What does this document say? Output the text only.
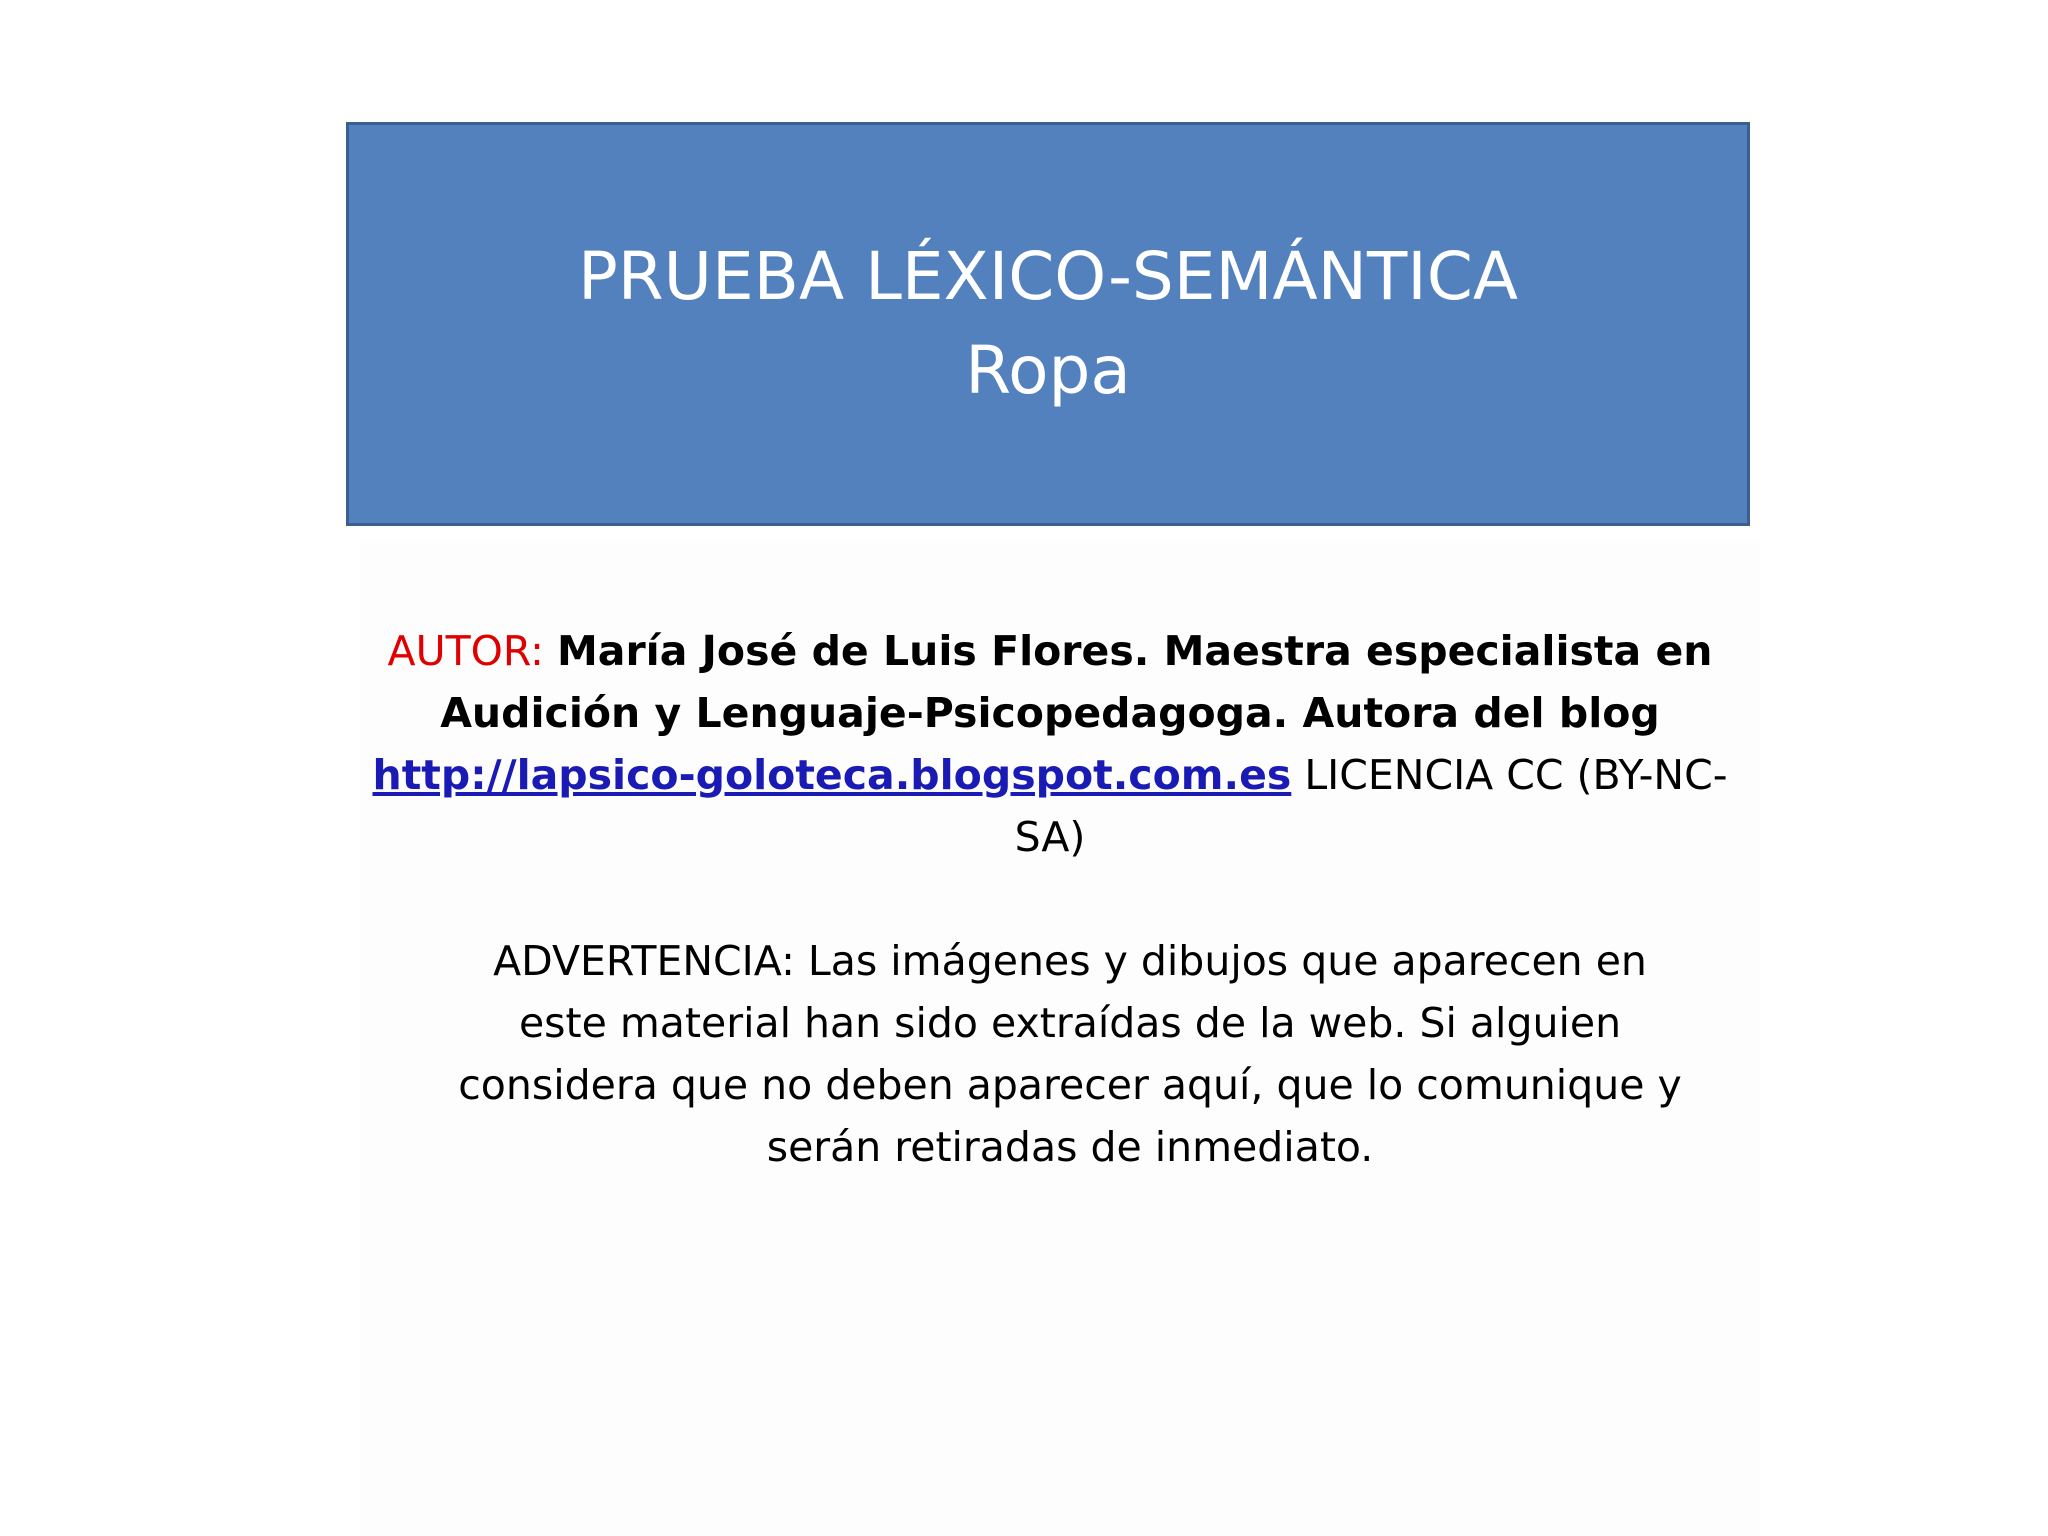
PRUEBA LÉXICO-SEMÁNTICA
Ropa
AUTOR: María José de Luis Flores. Maestra especialista en
Audición y Lenguaje-Psicopedagoga. Autora del blog
http://lapsico-goloteca.blogspot.com.es LICENCIA CC (BY-NC-SA)
ADVERTENCIA: Las imágenes y dibujos que aparecen en
este material han sido extraídas de la web. Si alguien
considera que no deben aparecer aquí, que lo comunique y
serán retiradas de inmediato.
